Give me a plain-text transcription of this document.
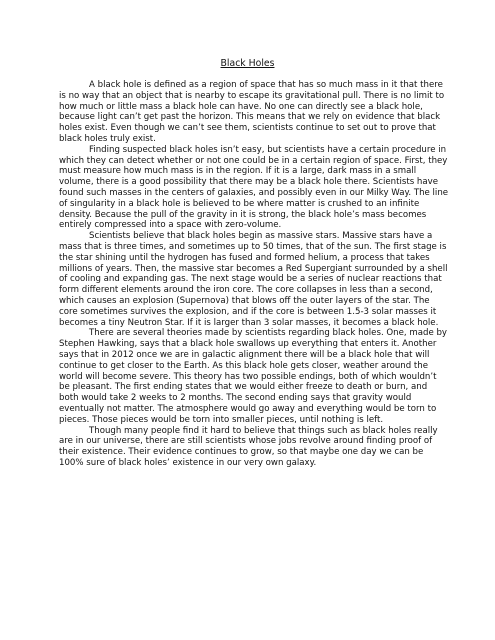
Black Holes

A black hole is defined as a region of space that has so much mass in it that there is no way that an object that is nearby to escape its gravitational pull. There is no limit to how much or little mass a black hole can have. No one can directly see a black hole, because light can’t get past the horizon. This means that we rely on evidence that black holes exist. Even though we can’t see them, scientists continue to set out to prove that black holes truly exist.

Finding suspected black holes isn’t easy, but scientists have a certain procedure in which they can detect whether or not one could be in a certain region of space. First, they must measure how much mass is in the region. If it is a large, dark mass in a small volume, there is a good possibility that there may be a black hole there. Scientists have found such masses in the centers of galaxies, and possibly even in our Milky Way. The line of singularity in a black hole is believed to be where matter is crushed to an infinite density. Because the pull of the gravity in it is strong, the black hole’s mass becomes entirely compressed into a space with zero-volume.

Scientists believe that black holes begin as massive stars. Massive stars have a mass that is three times, and sometimes up to 50 times, that of the sun. The first stage is the star shining until the hydrogen has fused and formed helium, a process that takes millions of years. Then, the massive star becomes a Red Supergiant surrounded by a shell of cooling and expanding gas. The next stage would be a series of nuclear reactions that form different elements around the iron core. The core collapses in less than a second, which causes an explosion (Supernova) that blows off the outer layers of the star. The core sometimes survives the explosion, and if the core is between 1.5-3 solar masses it becomes a tiny Neutron Star. If it is larger than 3 solar masses, it becomes a black hole.

There are several theories made by scientists regarding black holes. One, made by Stephen Hawking, says that a black hole swallows up everything that enters it. Another says that in 2012 once we are in galactic alignment there will be a black hole that will continue to get closer to the Earth. As this black hole gets closer, weather around the world will become severe. This theory has two possible endings, both of which wouldn’t be pleasant. The first ending states that we would either freeze to death or burn, and both would take 2 weeks to 2 months. The second ending says that gravity would eventually not matter. The atmosphere would go away and everything would be torn to pieces. Those pieces would be torn into smaller pieces, until nothing is left.

Though many people find it hard to believe that things such as black holes really are in our universe, there are still scientists whose jobs revolve around finding proof of their existence. Their evidence continues to grow, so that maybe one day we can be 100% sure of black holes’ existence in our very own galaxy.
